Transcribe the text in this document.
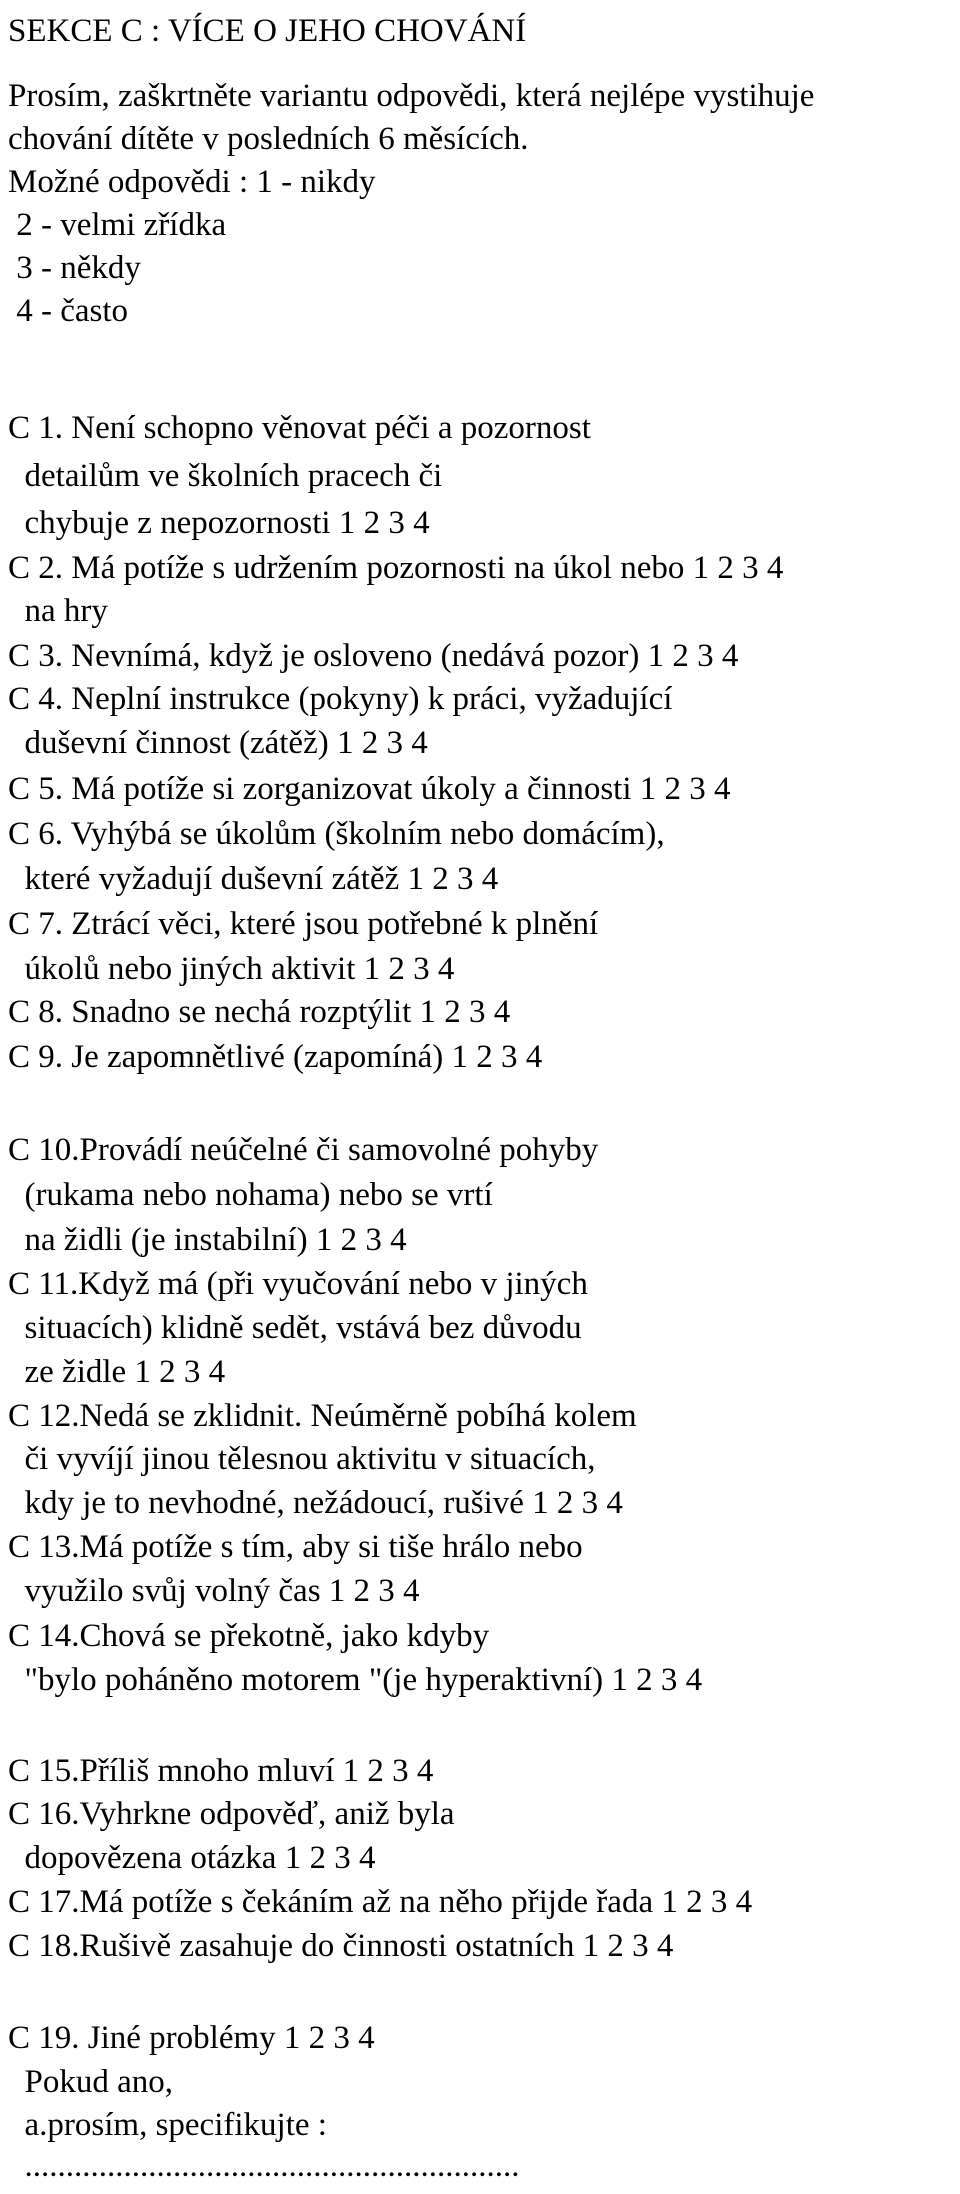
SEKCE C : VÍCE O JEHO CHOVÁNÍ
Prosím, zaškrtněte variantu odpovědi, která nejlépe vystihuje
chování dítěte v posledních 6 měsících.
Možné odpovědi : 1 - nikdy
2 - velmi zřídka
3 - někdy
4 - často
C 1. Není schopno věnovat péči a pozornost
detailům ve školních pracech či
chybuje z nepozornosti 1 2 3 4
C 2. Má potíže s udržením pozornosti na úkol nebo 1 2 3 4
na hry
C 3. Nevnímá, když je osloveno (nedává pozor) 1 2 3 4
C 4. Neplní instrukce (pokyny) k práci, vyžadující
duševní činnost (zátěž) 1 2 3 4
C 5. Má potíže si zorganizovat úkoly a činnosti 1 2 3 4
C 6. Vyhýbá se úkolům (školním nebo domácím),
které vyžadují duševní zátěž 1 2 3 4
C 7. Ztrácí věci, které jsou potřebné k plnění
úkolů nebo jiných aktivit 1 2 3 4
C 8. Snadno se nechá rozptýlit 1 2 3 4
C 9. Je zapomnětlivé (zapomíná) 1 2 3 4
C 10.Provádí neúčelné či samovolné pohyby
(rukama nebo nohama) nebo se vrtí
na židli (je instabilní) 1 2 3 4
C 11.Když má (při vyučování nebo v jiných
situacích) klidně sedět, vstává bez důvodu
ze židle 1 2 3 4
C 12.Nedá se zklidnit. Neúměrně pobíhá kolem
či vyvíjí jinou tělesnou aktivitu v situacích,
kdy je to nevhodné, nežádoucí, rušivé 1 2 3 4
C 13.Má potíže s tím, aby si tiše hrálo nebo
využilo svůj volný čas 1 2 3 4
C 14.Chová se překotně, jako kdyby
"bylo poháněno motorem "(je hyperaktivní) 1 2 3 4
C 15.Příliš mnoho mluví 1 2 3 4
C 16.Vyhrkne odpověď, aniž byla
dopovězena otázka 1 2 3 4
C 17.Má potíže s čekáním až na něho přijde řada 1 2 3 4
C 18.Rušivě zasahuje do činnosti ostatních 1 2 3 4
C 19. Jiné problémy 1 2 3 4
Pokud ano,
a.prosím, specifikujte :
............................................................
